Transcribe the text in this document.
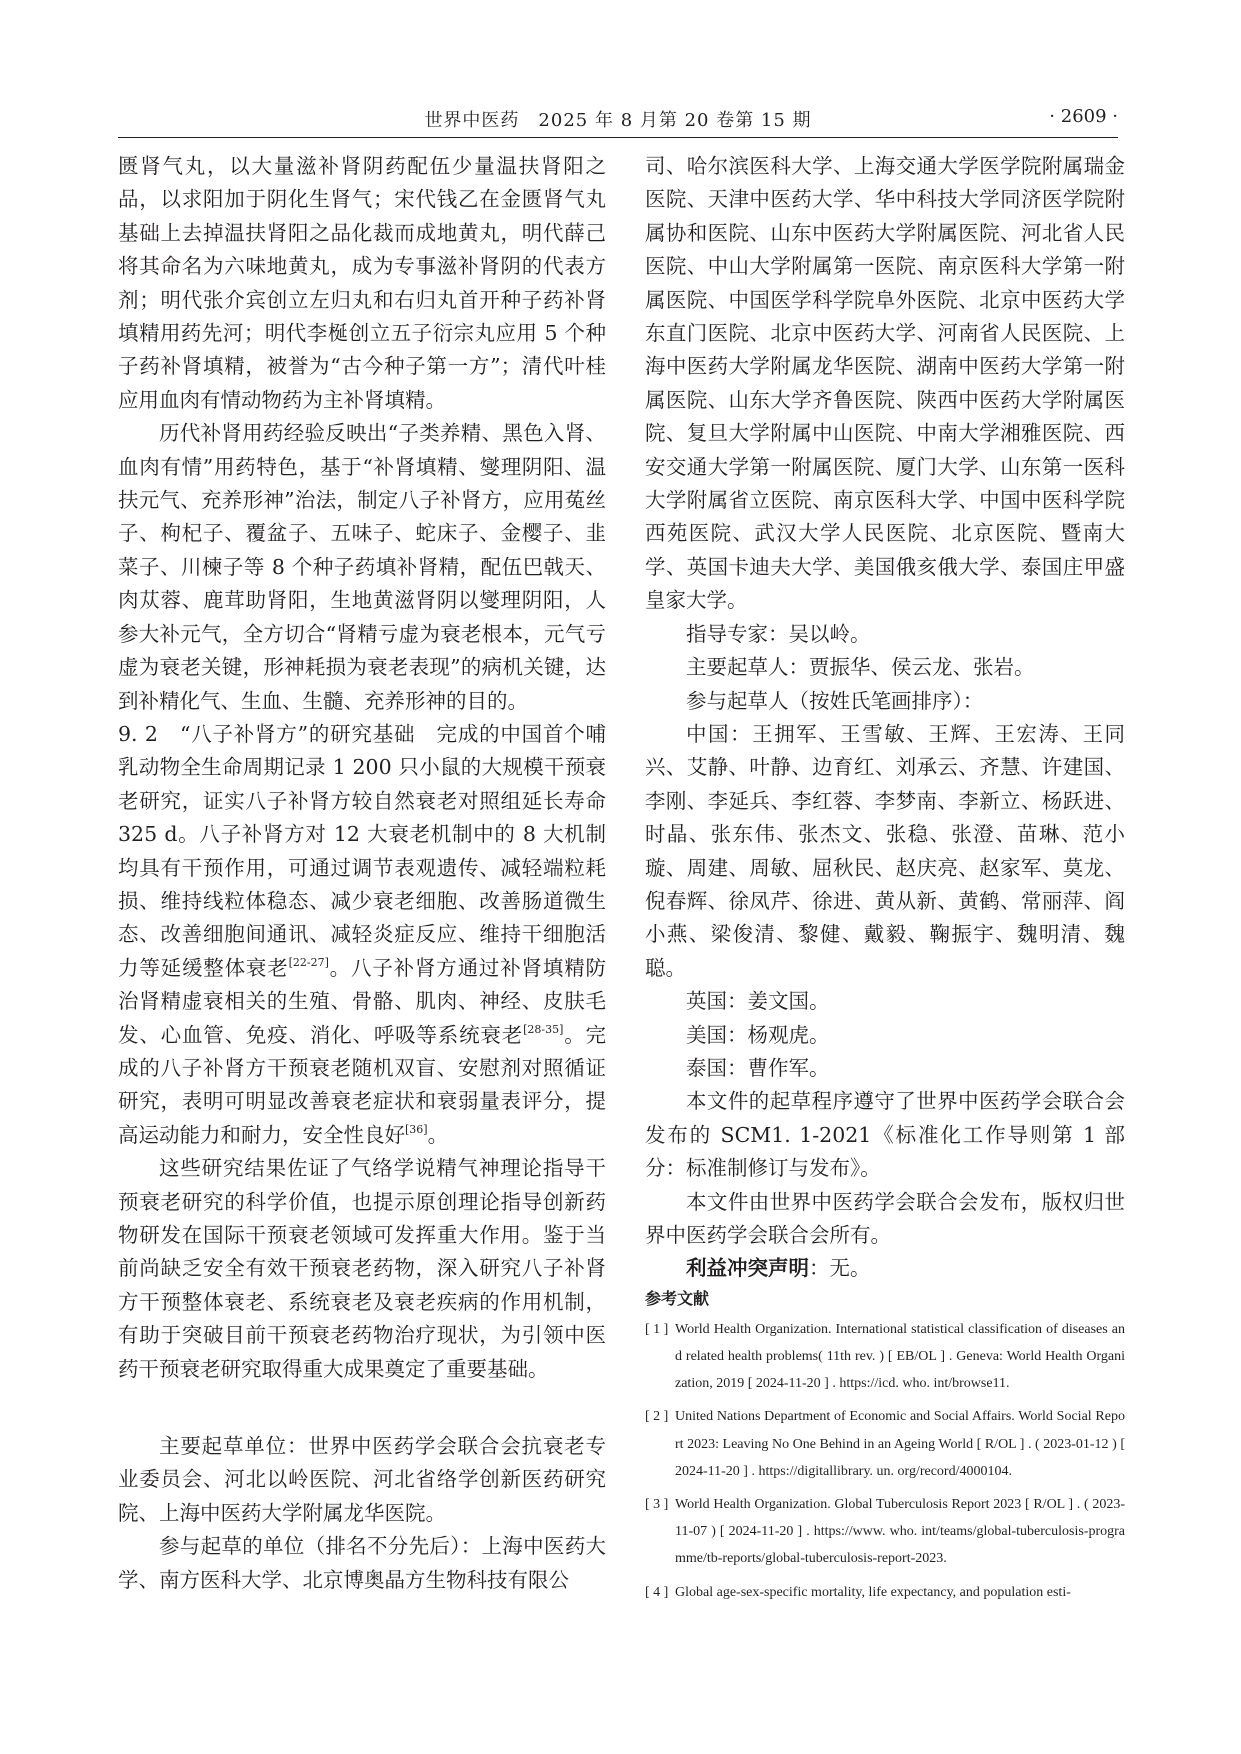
世界中医药　2025 年 8 月第 20 卷第 15 期	· 2609 ·

匮肾气丸，以大量滋补肾阴药配伍少量温扶肾阳之品，以求阳加于阴化生肾气；宋代钱乙在金匮肾气丸基础上去掉温扶肾阳之品化裁而成地黄丸，明代薛己将其命名为六味地黄丸，成为专事滋补肾阴的代表方剂；明代张介宾创立左归丸和右归丸首开种子药补肾填精用药先河；明代李梴创立五子衍宗丸应用 5 个种子药补肾填精，被誉为“古今种子第一方”；清代叶桂应用血肉有情动物药为主补肾填精。

历代补肾用药经验反映出“子类养精、黑色入肾、血肉有情”用药特色，基于“补肾填精、燮理阴阳、温扶元气、充养形神”治法，制定八子补肾方，应用菟丝子、枸杞子、覆盆子、五味子、蛇床子、金樱子、韭菜子、川楝子等 8 个种子药填补肾精，配伍巴戟天、肉苁蓉、鹿茸助肾阳，生地黄滋肾阴以燮理阴阳，人参大补元气，全方切合“肾精亏虚为衰老根本，元气亏虚为衰老关键，形神耗损为衰老表现”的病机关键，达到补精化气、生血、生髓、充养形神的目的。

9. 2　“八子补肾方”的研究基础　完成的中国首个哺乳动物全生命周期记录 1 200 只小鼠的大规模干预衰老研究，证实八子补肾方较自然衰老对照组延长寿命 325 d。八子补肾方对 12 大衰老机制中的 8 大机制均具有干预作用，可通过调节表观遗传、减轻端粒耗损、维持线粒体稳态、减少衰老细胞、改善肠道微生态、改善细胞间通讯、减轻炎症反应、维持干细胞活力等延缓整体衰老[22-27]。八子补肾方通过补肾填精防治肾精虚衰相关的生殖、骨骼、肌肉、神经、皮肤毛发、心血管、免疫、消化、呼吸等系统衰老[28-35]。完成的八子补肾方干预衰老随机双盲、安慰剂对照循证研究，表明可明显改善衰老症状和衰弱量表评分，提高运动能力和耐力，安全性良好[36]。

这些研究结果佐证了气络学说精气神理论指导干预衰老研究的科学价值，也提示原创理论指导创新药物研发在国际干预衰老领域可发挥重大作用。鉴于当前尚缺乏安全有效干预衰老药物，深入研究八子补肾方干预整体衰老、系统衰老及衰老疾病的作用机制，有助于突破目前干预衰老药物治疗现状，为引领中医药干预衰老研究取得重大成果奠定了重要基础。

主要起草单位：世界中医药学会联合会抗衰老专业委员会、河北以岭医院、河北省络学创新医药研究院、上海中医药大学附属龙华医院。

参与起草的单位（排名不分先后）：上海中医药大学、南方医科大学、北京博奥晶方生物科技有限公

司、哈尔滨医科大学、上海交通大学医学院附属瑞金医院、天津中医药大学、华中科技大学同济医学院附属协和医院、山东中医药大学附属医院、河北省人民医院、中山大学附属第一医院、南京医科大学第一附属医院、中国医学科学院阜外医院、北京中医药大学东直门医院、北京中医药大学、河南省人民医院、上海中医药大学附属龙华医院、湖南中医药大学第一附属医院、山东大学齐鲁医院、陕西中医药大学附属医院、复旦大学附属中山医院、中南大学湘雅医院、西安交通大学第一附属医院、厦门大学、山东第一医科大学附属省立医院、南京医科大学、中国中医科学院西苑医院、武汉大学人民医院、北京医院、暨南大学、英国卡迪夫大学、美国俄亥俄大学、泰国庄甲盛皇家大学。

指导专家：吴以岭。

主要起草人：贾振华、侯云龙、张岩。

参与起草人（按姓氏笔画排序）：

中国：王拥军、王雪敏、王辉、王宏涛、王同兴、艾静、叶静、边育红、刘承云、齐慧、许建国、李刚、李延兵、李红蓉、李梦南、李新立、杨跃进、时晶、张东伟、张杰文、张稳、张澄、苗琳、范小璇、周建、周敏、屈秋民、赵庆亮、赵家军、莫龙、倪春辉、徐凤芹、徐进、黄从新、黄鹤、常丽萍、阎小燕、梁俊清、黎健、戴毅、鞠振宇、魏明清、魏聪。

英国：姜文国。

美国：杨观虎。

泰国：曹作军。

本文件的起草程序遵守了世界中医药学会联合会发布的 SCM1. 1-2021《标准化工作导则第 1 部分：标准制修订与发布》。

本文件由世界中医药学会联合会发布，版权归世界中医药学会联合会所有。

利益冲突声明：无。

参考文献

[ 1 ] World Health Organization. International statistical classification of diseases and related health problems( 11th rev. ) [ EB/OL ] . Geneva: World Health Organization, 2019 [ 2024-11-20 ] . https://icd. who. int/browse11.
[ 2 ] United Nations Department of Economic and Social Affairs. World Social Report 2023: Leaving No One Behind in an Ageing World [ R/OL ] . ( 2023-01-12 ) [ 2024-11-20 ] . https://digitallibrary. un. org/record/4000104.
[ 3 ] World Health Organization. Global Tuberculosis Report 2023 [ R/OL ] . ( 2023-11-07 ) [ 2024-11-20 ] . https://www. who. int/teams/global-tuberculosis-programme/tb-reports/global-tuberculosis-report-2023.
[ 4 ] Global age-sex-specific mortality, life expectancy, and population esti-
